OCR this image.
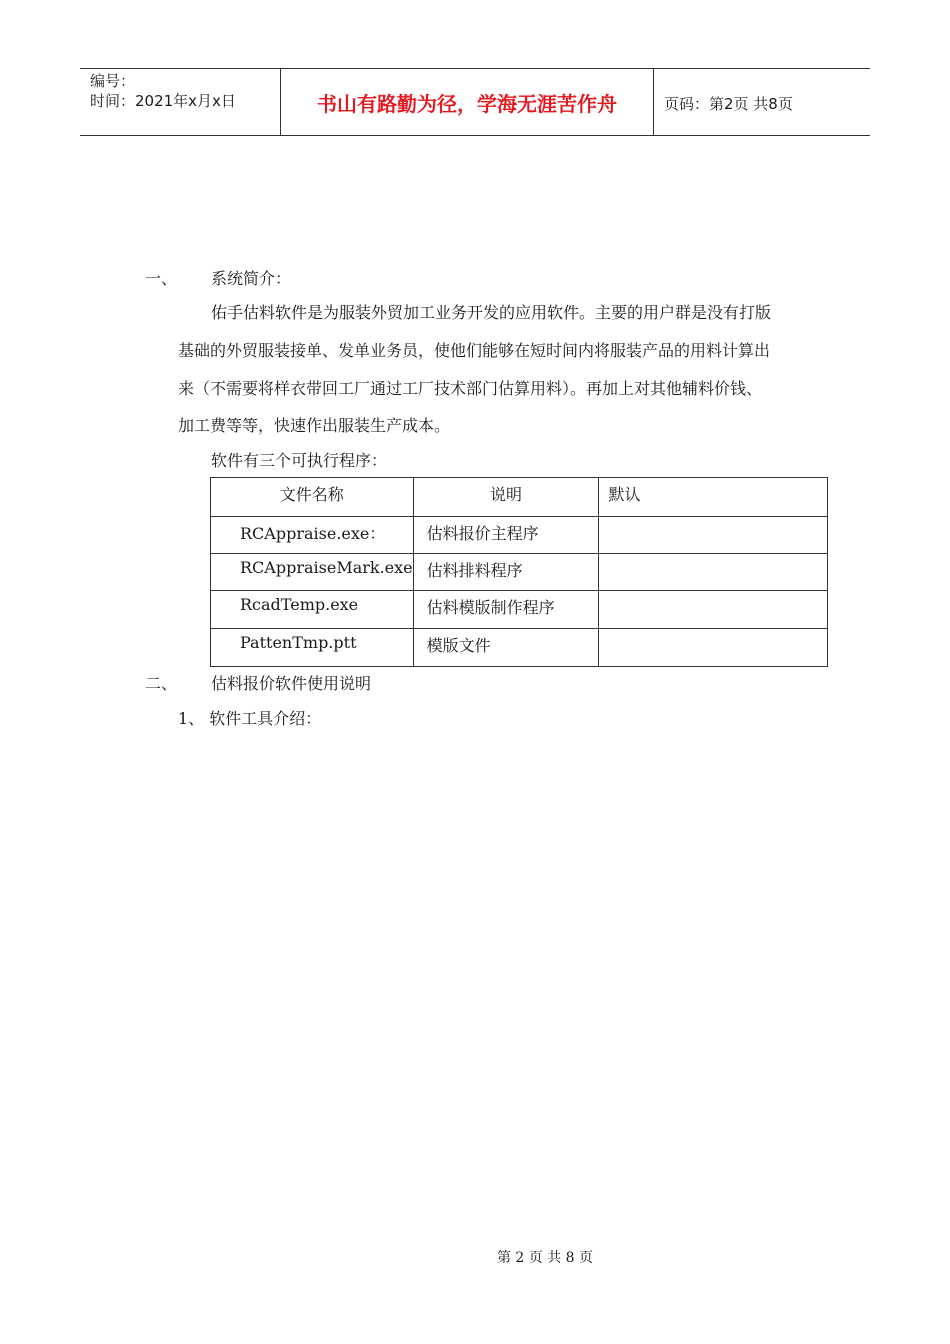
编号：
时间：2021年x月x日	书山有路勤为径，学海无涯苦作舟	页码：第2页 共8页
一、 系统简介：
佑手估料软件是为服装外贸加工业务开发的应用软件。主要的用户群是没有打版
基础的外贸服装接单、发单业务员，使他们能够在短时间内将服装产品的用料计算出
来（不需要将样衣带回工厂通过工厂技术部门估算用料）。再加上对其他辅料价钱、
加工费等等，快速作出服装生产成本。
软件有三个可执行程序：
文件名称	说明	默认
RCAppraise.exe：	估料报价主程序	
RCAppraiseMark.exe	估料排料程序	
RcadTemp.exe	估料模版制作程序	
PattenTmp.ptt	模版文件	
二、 估料报价软件使用说明
1、 软件工具介绍：
第 2 页 共 8 页
